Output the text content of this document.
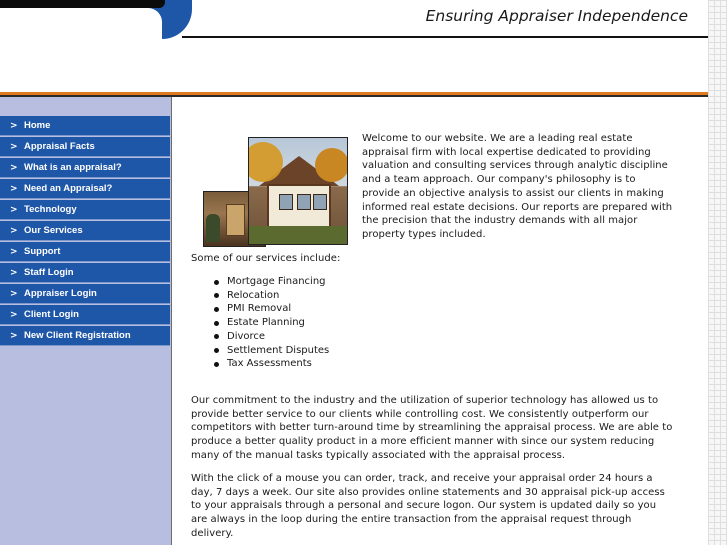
Ensuring Appraiser Independence
> Home
> Appraisal Facts
> What is an appraisal?
> Need an Appraisal?
> Technology
> Our Services
> Support
> Staff Login
> Appraiser Login
> Client Login
> New Client Registration

Welcome to our website. We are a leading real estate appraisal firm with local expertise dedicated to providing valuation and consulting services through analytic discipline and a team approach. Our company's philosophy is to provide an objective analysis to assist our clients in making informed real estate decisions. Our reports are prepared with the precision that the industry demands with all major property types included.

Some of our services include:

Mortgage Financing
Relocation
PMI Removal
Estate Planning
Divorce
Settlement Disputes
Tax Assessments

Our commitment to the industry and the utilization of superior technology has allowed us to provide better service to our clients while controlling cost. We consistently outperform our competitors with better turn-around time by streamlining the appraisal process. We are able to produce a better quality product in a more efficient manner with since our system reducing many of the manual tasks typically associated with the appraisal process.

With the click of a mouse you can order, track, and receive your appraisal order 24 hours a day, 7 days a week. Our site also provides online statements and 30 appraisal pick-up access to your appraisals through a personal and secure logon. Our system is updated daily so you are always in the loop during the entire transaction from the appraisal request through delivery.
